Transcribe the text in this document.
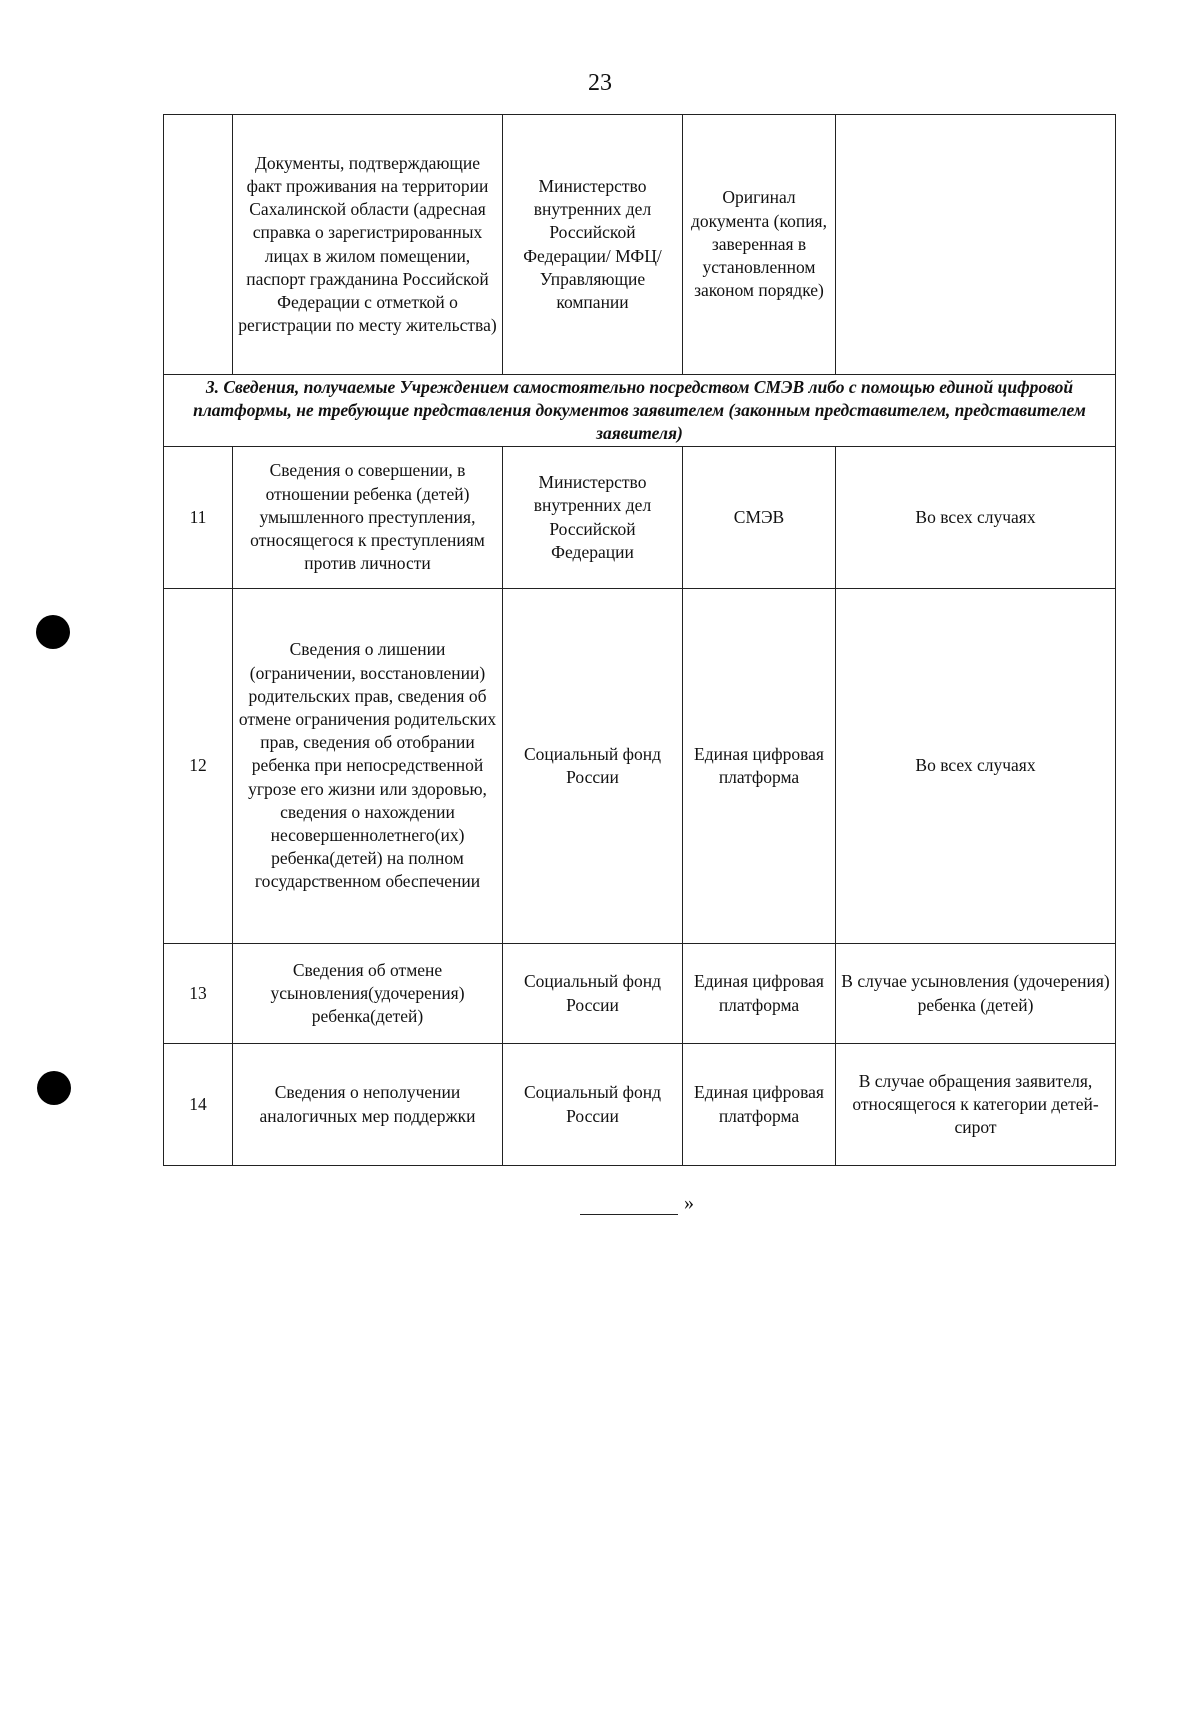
23
	Документы, подтверждающие факт проживания на территории Сахалинской области (адресная справка о зарегистрированных лицах в жилом помещении, паспорт гражданина Российской Федерации с отметкой о регистрации по месту жительства)	Министерство внутренних дел Российской Федерации/ МФЦ/ Управляющие компании	Оригинал документа (копия, заверенная в установленном законом порядке)	
3. Сведения, получаемые Учреждением самостоятельно посредством СМЭВ либо с помощью единой цифровой платформы, не требующие представления документов заявителем (законным представителем, представителем заявителя)				
11	Сведения о совершении, в отношении ребенка (детей) умышленного преступления, относящегося к преступлениям против личности	Министерство внутренних дел Российской Федерации	СМЭВ	Во всех случаях
12	Сведения о лишении (ограничении, восстановлении) родительских прав, сведения об отмене ограничения родительских прав, сведения об отобрании ребенка при непосредственной угрозе его жизни или здоровью, сведения о нахождении несовершеннолетнего(их) ребенка(детей) на полном государственном обеспечении	Социальный фонд России	Единая цифровая платформа	Во всех случаях
13	Сведения об отмене усыновления(удочерения) ребенка(детей)	Социальный фонд России	Единая цифровая платформа	В случае усыновления (удочерения) ребенка (детей)
14	Сведения о неполучении аналогичных мер поддержки	Социальный фонд России	Единая цифровая платформа	В случае обращения заявителя, относящегося к категории детей-сирот
»
